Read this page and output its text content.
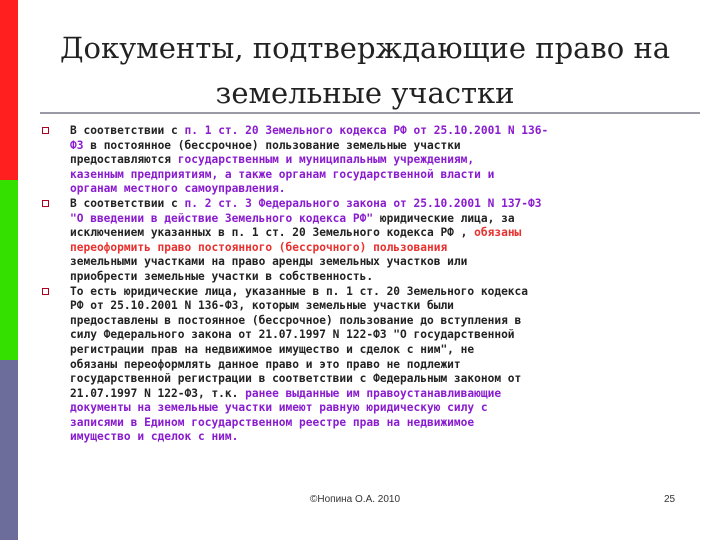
Документы, подтверждающие право на
земельные участки
В соответствии с п. 1 ст. 20 Земельного кодекса РФ от 25.10.2001 N 136-
ФЗ в постоянное (бессрочное) пользование земельные участки
предоставляются государственным и муниципальным учреждениям,
казенным предприятиям, а также органам государственной власти и
органам местного самоуправления.
В соответствии с п. 2 ст. 3 Федерального закона от 25.10.2001 N 137-ФЗ
"О введении в действие Земельного кодекса РФ" юридические лица, за
исключением указанных в п. 1 ст. 20 Земельного кодекса РФ , обязаны
переоформить право постоянного (бессрочного) пользования
земельными участками на право аренды земельных участков или
приобрести земельные участки в собственность.
То есть юридические лица, указанные в п. 1 ст. 20 Земельного кодекса
РФ от 25.10.2001 N 136-ФЗ, которым земельные участки были
предоставлены в постоянное (бессрочное) пользование до вступления в
силу Федерального закона от 21.07.1997 N 122-ФЗ "О государственной
регистрации прав на недвижимое имущество и сделок с ним", не
обязаны переоформлять данное право и это право не подлежит
государственной регистрации в соответствии с Федеральным законом от
21.07.1997 N 122-ФЗ, т.к. ранее выданные им правоустанавливающие
документы на земельные участки имеют равную юридическую силу с
записями в Едином государственном реестре прав на недвижимое
имущество и сделок с ним.
©Нопина О.А. 2010	25
